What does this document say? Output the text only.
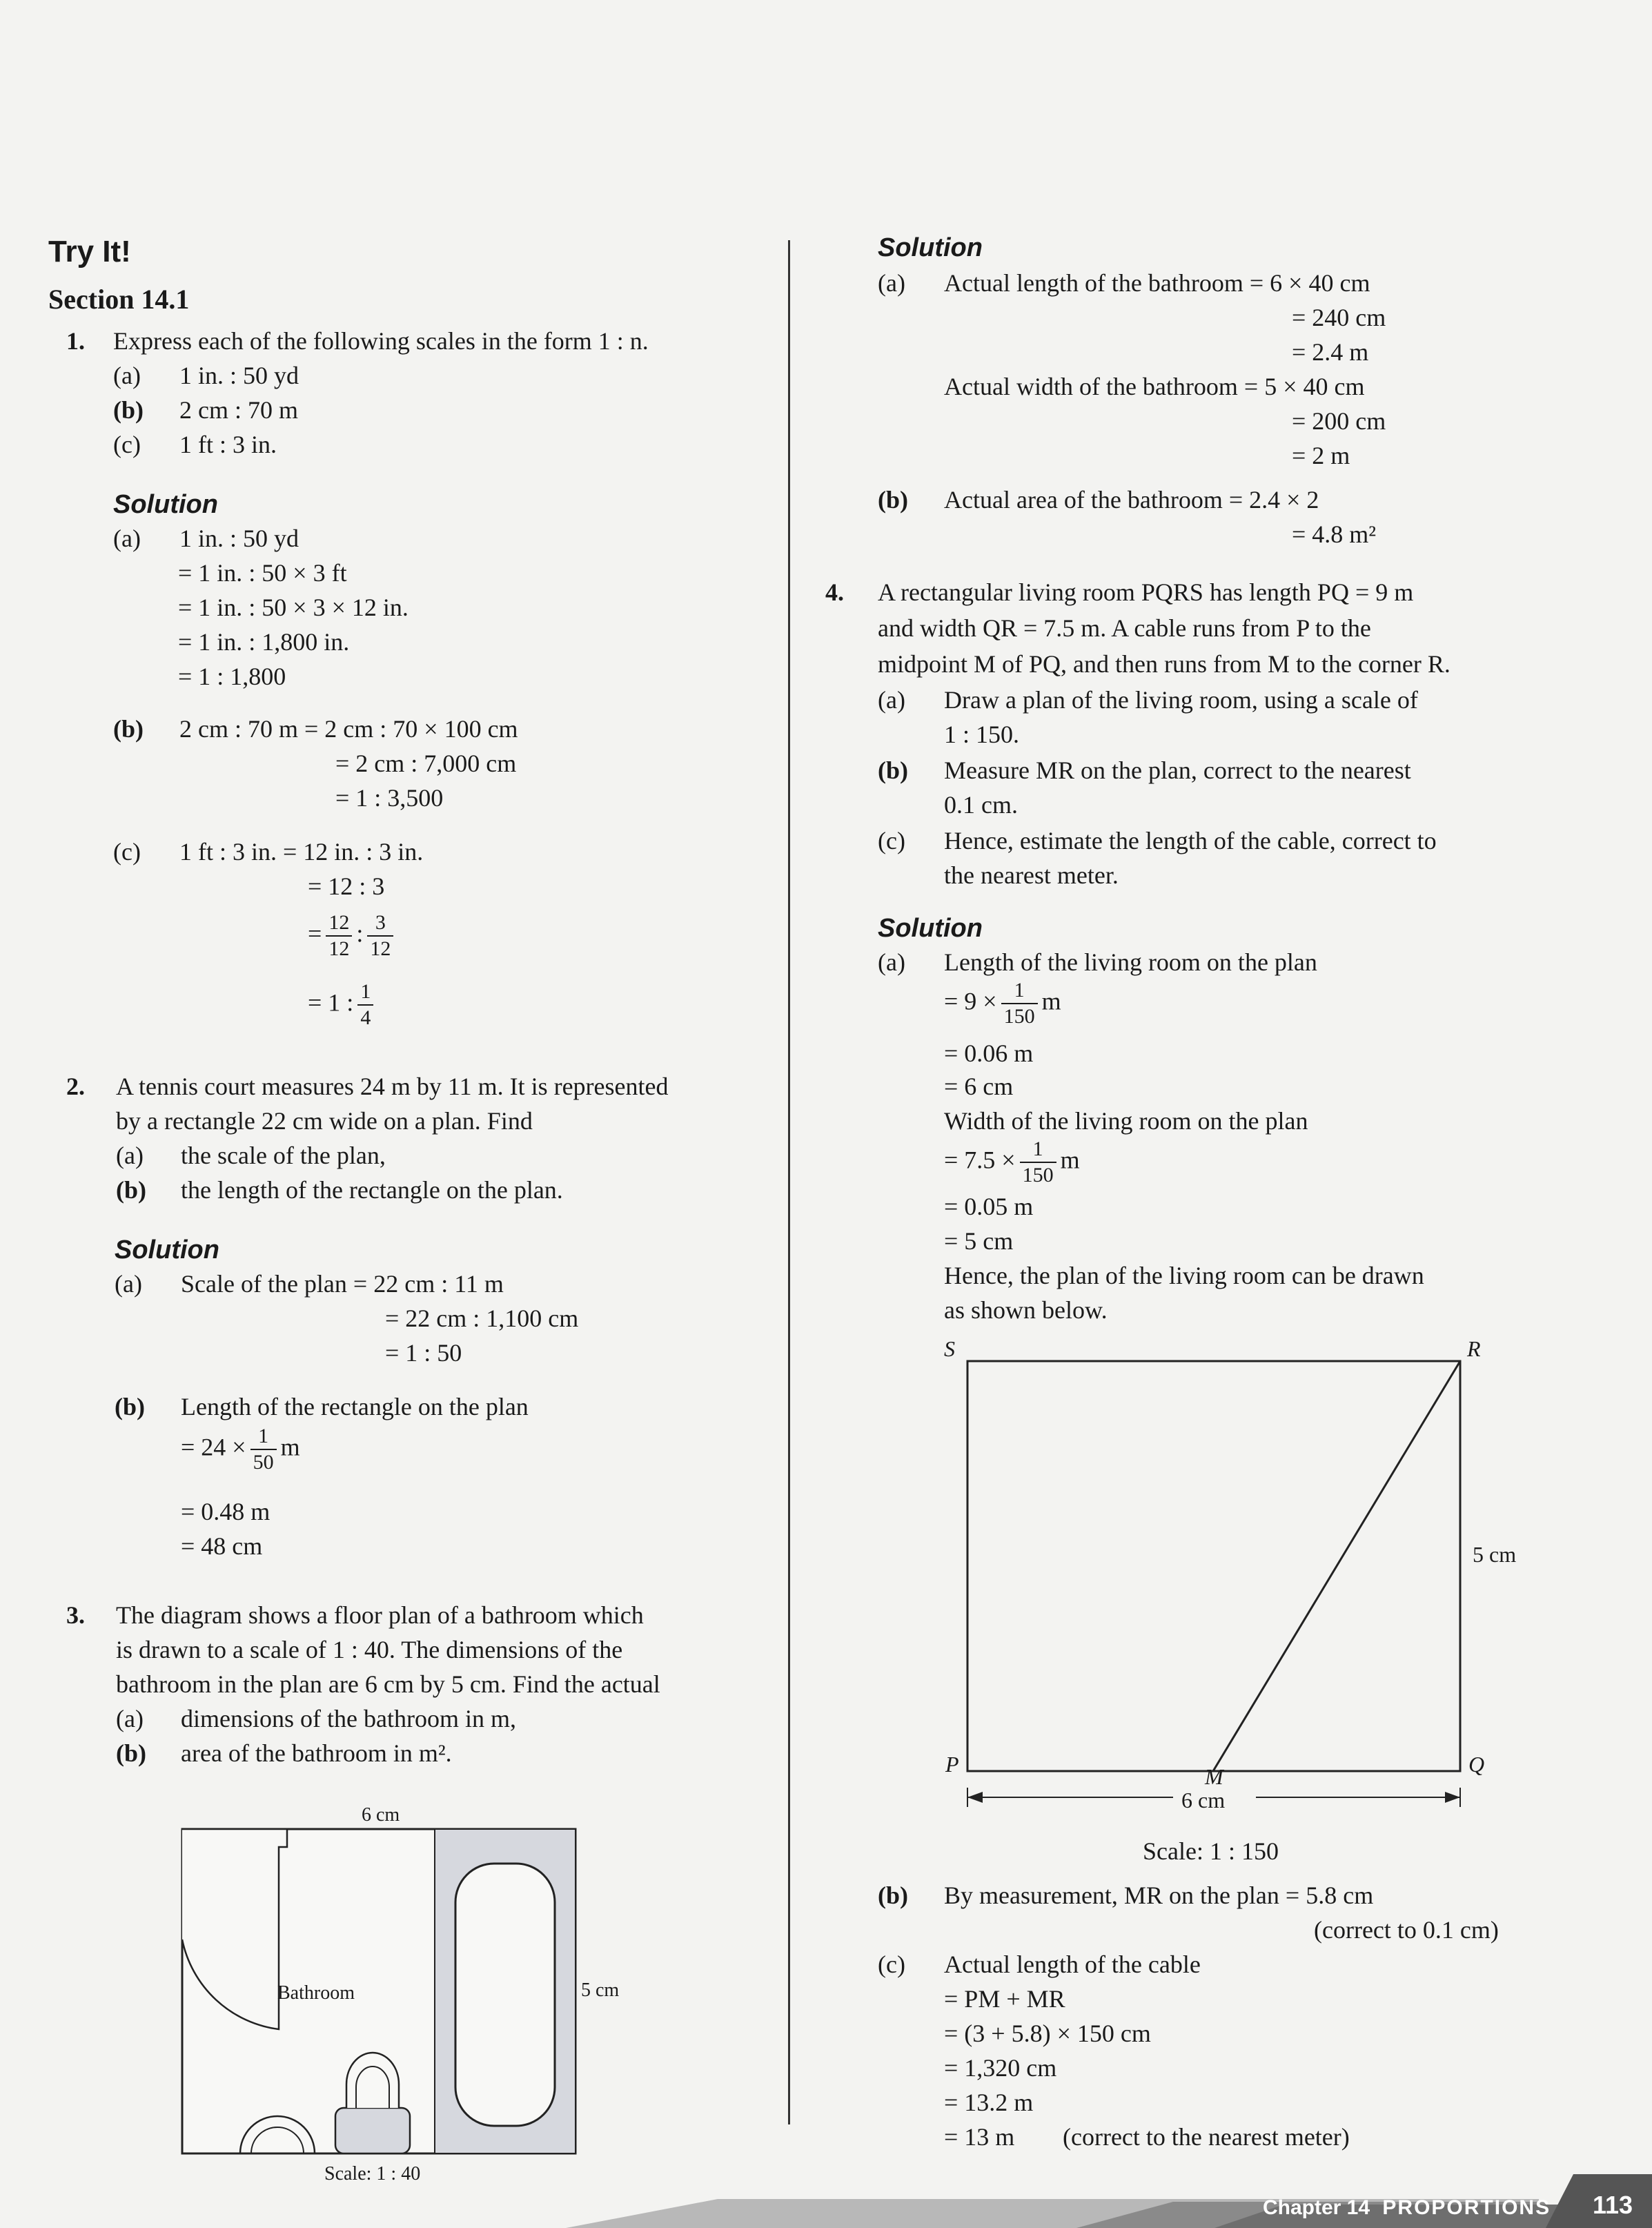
Try It!
Section 14.1
1. Express each of the following scales in the form 1 : n.
(a) 1 in. : 50 yd
(b) 2 cm : 70 m
(c) 1 ft : 3 in.
Solution
(a) 1 in. : 50 yd
= 1 in. : 50 × 3 ft
= 1 in. : 50 × 3 × 12 in.
= 1 in. : 1,800 in.
= 1 : 1,800
(b) 2 cm : 70 m = 2 cm : 70 × 100 cm
= 2 cm : 7,000 cm
= 1 : 3,500
(c) 1 ft : 3 in. = 12 in. : 3 in.
= 12 : 3
= $\frac{12}{12}$ : $\frac{3}{12}$
= 1 : $\frac{1}{4}$
2. A tennis court measures 24 m by 11 m. It is represented
by a rectangle 22 cm wide on a plan. Find
(a) the scale of the plan,
(b) the length of the rectangle on the plan.
Solution
(a) Scale of the plan = 22 cm : 11 m
= 22 cm : 1,100 cm
= 1 : 50
(b) Length of the rectangle on the plan
= $24 \times \frac{1}{50}$ m
= 0.48 m
= 48 cm
3. The diagram shows a floor plan of a bathroom which
is drawn to a scale of 1 : 40. The dimensions of the
bathroom in the plan are 6 cm by 5 cm. Find the actual
(a) dimensions of the bathroom in m,
(b) area of the bathroom in m².
6 cm
5 cm
Bathroom
Scale: 1 : 40
Solution
(a) Actual length of the bathroom = 6 × 40 cm
= 240 cm
= 2.4 m
Actual width of the bathroom = 5 × 40 cm
= 200 cm
= 2 m
(b) Actual area of the bathroom = 2.4 × 2
= 4.8 m²
4. A rectangular living room PQRS has length PQ = 9 m
and width QR = 7.5 m. A cable runs from P to the
midpoint M of PQ, and then runs from M to the corner R.
(a) Draw a plan of the living room, using a scale of
1 : 150.
(b) Measure MR on the plan, correct to the nearest
0.1 cm.
(c) Hence, estimate the length of the cable, correct to
the nearest meter.
Solution
(a) Length of the living room on the plan
= $9 \times \frac{1}{150}$ m
= 0.06 m
= 6 cm
Width of the living room on the plan
= $7.5 \times \frac{1}{150}$ m
= 0.05 m
= 5 cm
Hence, the plan of the living room can be drawn
as shown below.
S	R
P	Q
M
5 cm
6 cm
Scale: 1 : 150
(b) By measurement, MR on the plan = 5.8 cm
(correct to 0.1 cm)
(c) Actual length of the cable
= PM + MR
= (3 + 5.8) × 150 cm
= 1,320 cm
= 13.2 m
= 13 m (correct to the nearest meter)
Chapter 14 PROPORTIONS 113
